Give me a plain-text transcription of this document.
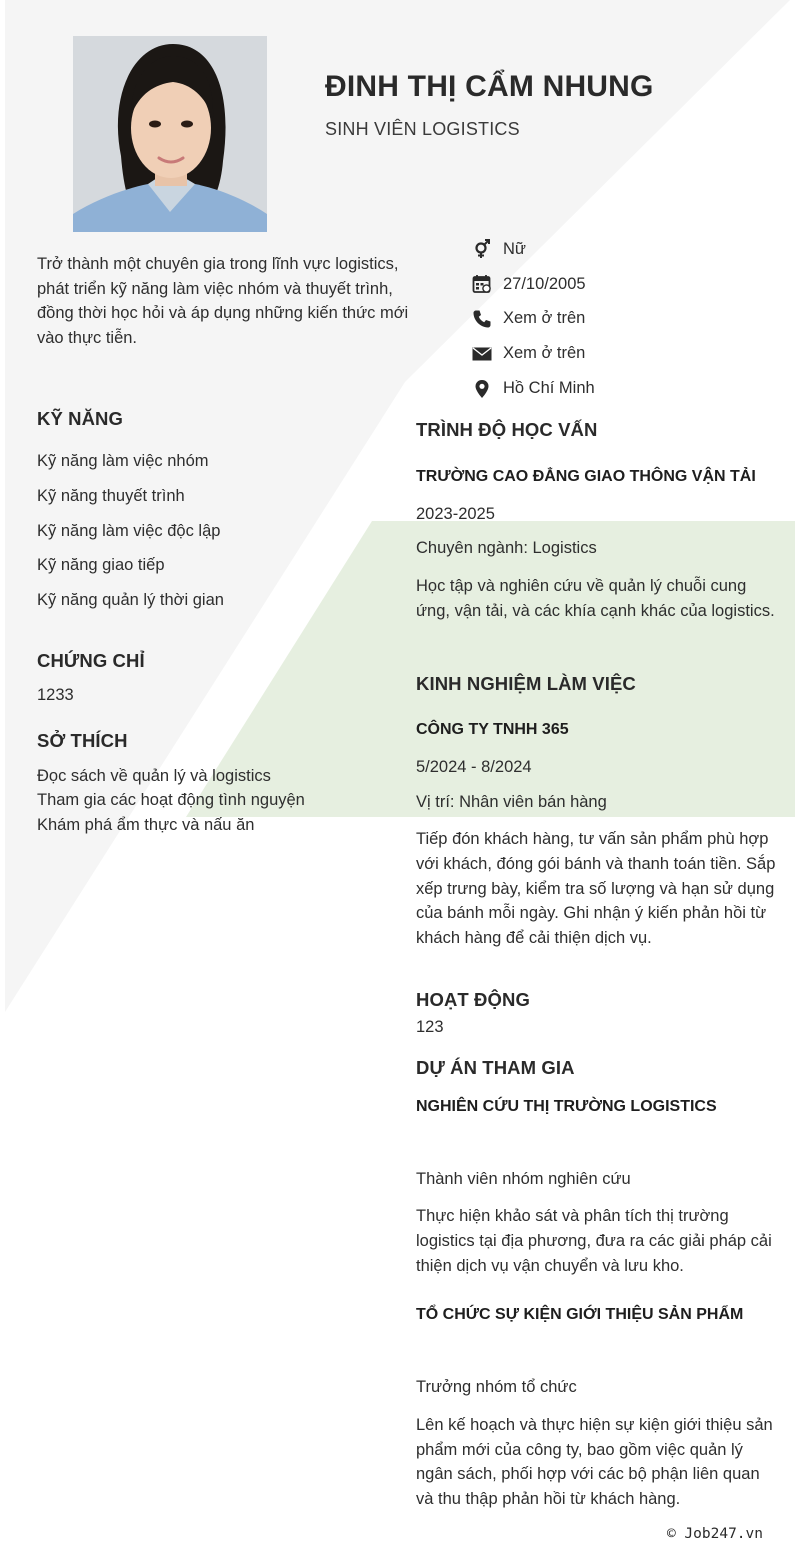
ĐINH THỊ CẨM NHUNG
SINH VIÊN LOGISTICS
Trở thành một chuyên gia trong lĩnh vực logistics, phát triển kỹ năng làm việc nhóm và thuyết trình, đồng thời học hỏi và áp dụng những kiến thức mới vào thực tiễn.
Nữ
27/10/2005
Xem ở trên
Xem ở trên
Hồ Chí Minh
KỸ NĂNG
Kỹ năng làm việc nhóm
Kỹ năng thuyết trình
Kỹ năng làm việc độc lập
Kỹ năng giao tiếp
Kỹ năng quản lý thời gian
CHỨNG CHỈ
1233
SỞ THÍCH
Đọc sách về quản lý và logistics
Tham gia các hoạt động tình nguyện
Khám phá ẩm thực và nấu ăn
TRÌNH ĐỘ HỌC VẤN
TRƯỜNG CAO ĐẲNG GIAO THÔNG VẬN TẢI
2023-2025
Chuyên ngành: Logistics
Học tập và nghiên cứu về quản lý chuỗi cung ứng, vận tải, và các khía cạnh khác của logistics.
KINH NGHIỆM LÀM VIỆC
CÔNG TY TNHH 365
5/2024 - 8/2024
Vị trí: Nhân viên bán hàng
Tiếp đón khách hàng, tư vấn sản phẩm phù hợp với khách, đóng gói bánh và thanh toán tiền. Sắp xếp trưng bày, kiểm tra số lượng và hạn sử dụng của bánh mỗi ngày. Ghi nhận ý kiến phản hồi từ khách hàng để cải thiện dịch vụ.
HOẠT ĐỘNG
123
DỰ ÁN THAM GIA
NGHIÊN CỨU THỊ TRƯỜNG LOGISTICS
Thành viên nhóm nghiên cứu
Thực hiện khảo sát và phân tích thị trường logistics tại địa phương, đưa ra các giải pháp cải thiện dịch vụ vận chuyển và lưu kho.
TỔ CHỨC SỰ KIỆN GIỚI THIỆU SẢN PHẨM
Trưởng nhóm tổ chức
Lên kế hoạch và thực hiện sự kiện giới thiệu sản phẩm mới của công ty, bao gồm việc quản lý ngân sách, phối hợp với các bộ phận liên quan và thu thập phản hồi từ khách hàng.
© Job247.vn
